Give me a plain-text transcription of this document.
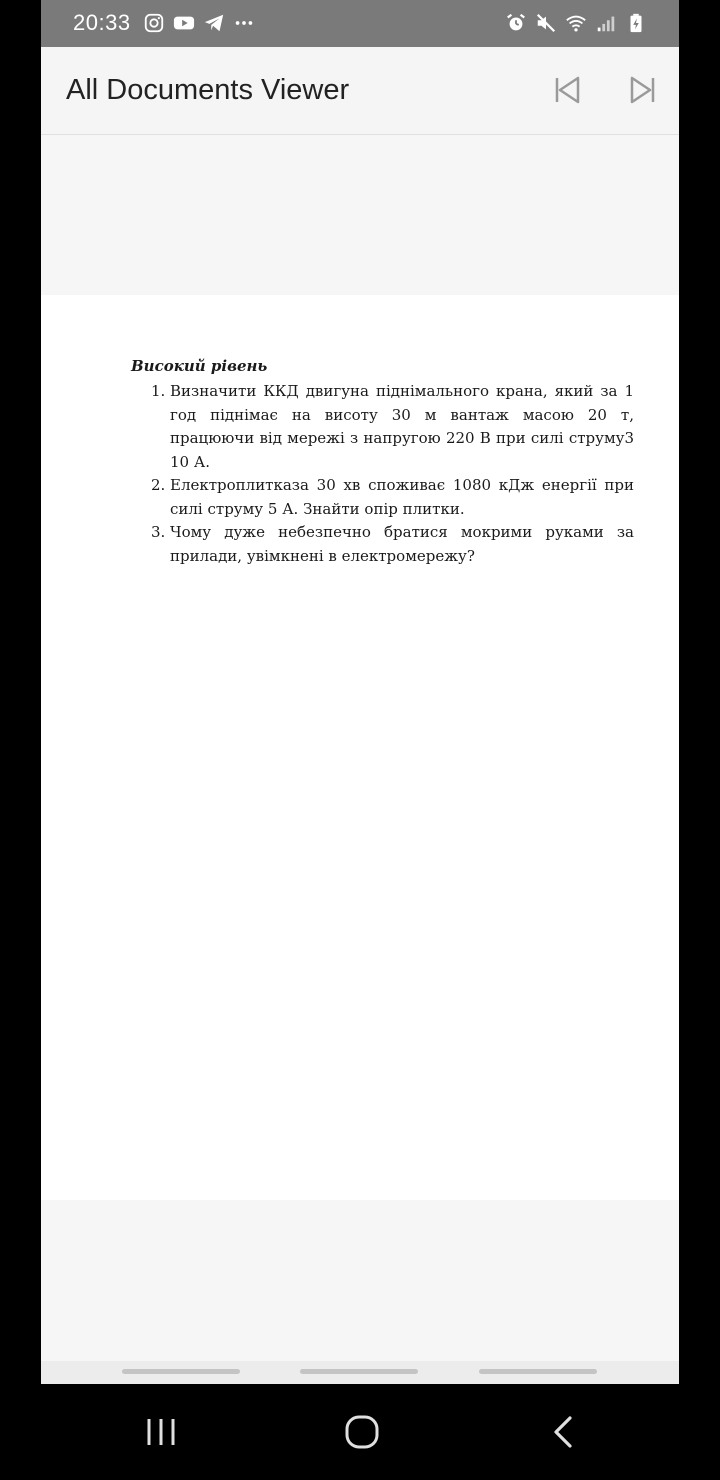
20:33
All Documents Viewer
Високий рівень
1. Визначити ККД двигуна піднімального крана, який за 1 год піднімає на висоту 30 м вантаж масою 20 т, працюючи від мережі з напругою 220 В при силі струму3 10 А.
2. Електроплитказа 30 хв споживає 1080 кДж енергії при силі струму 5 А. Знайти опір плитки.
3. Чому дуже небезпечно братися мокрими руками за прилади, увімкнені в електромережу?
